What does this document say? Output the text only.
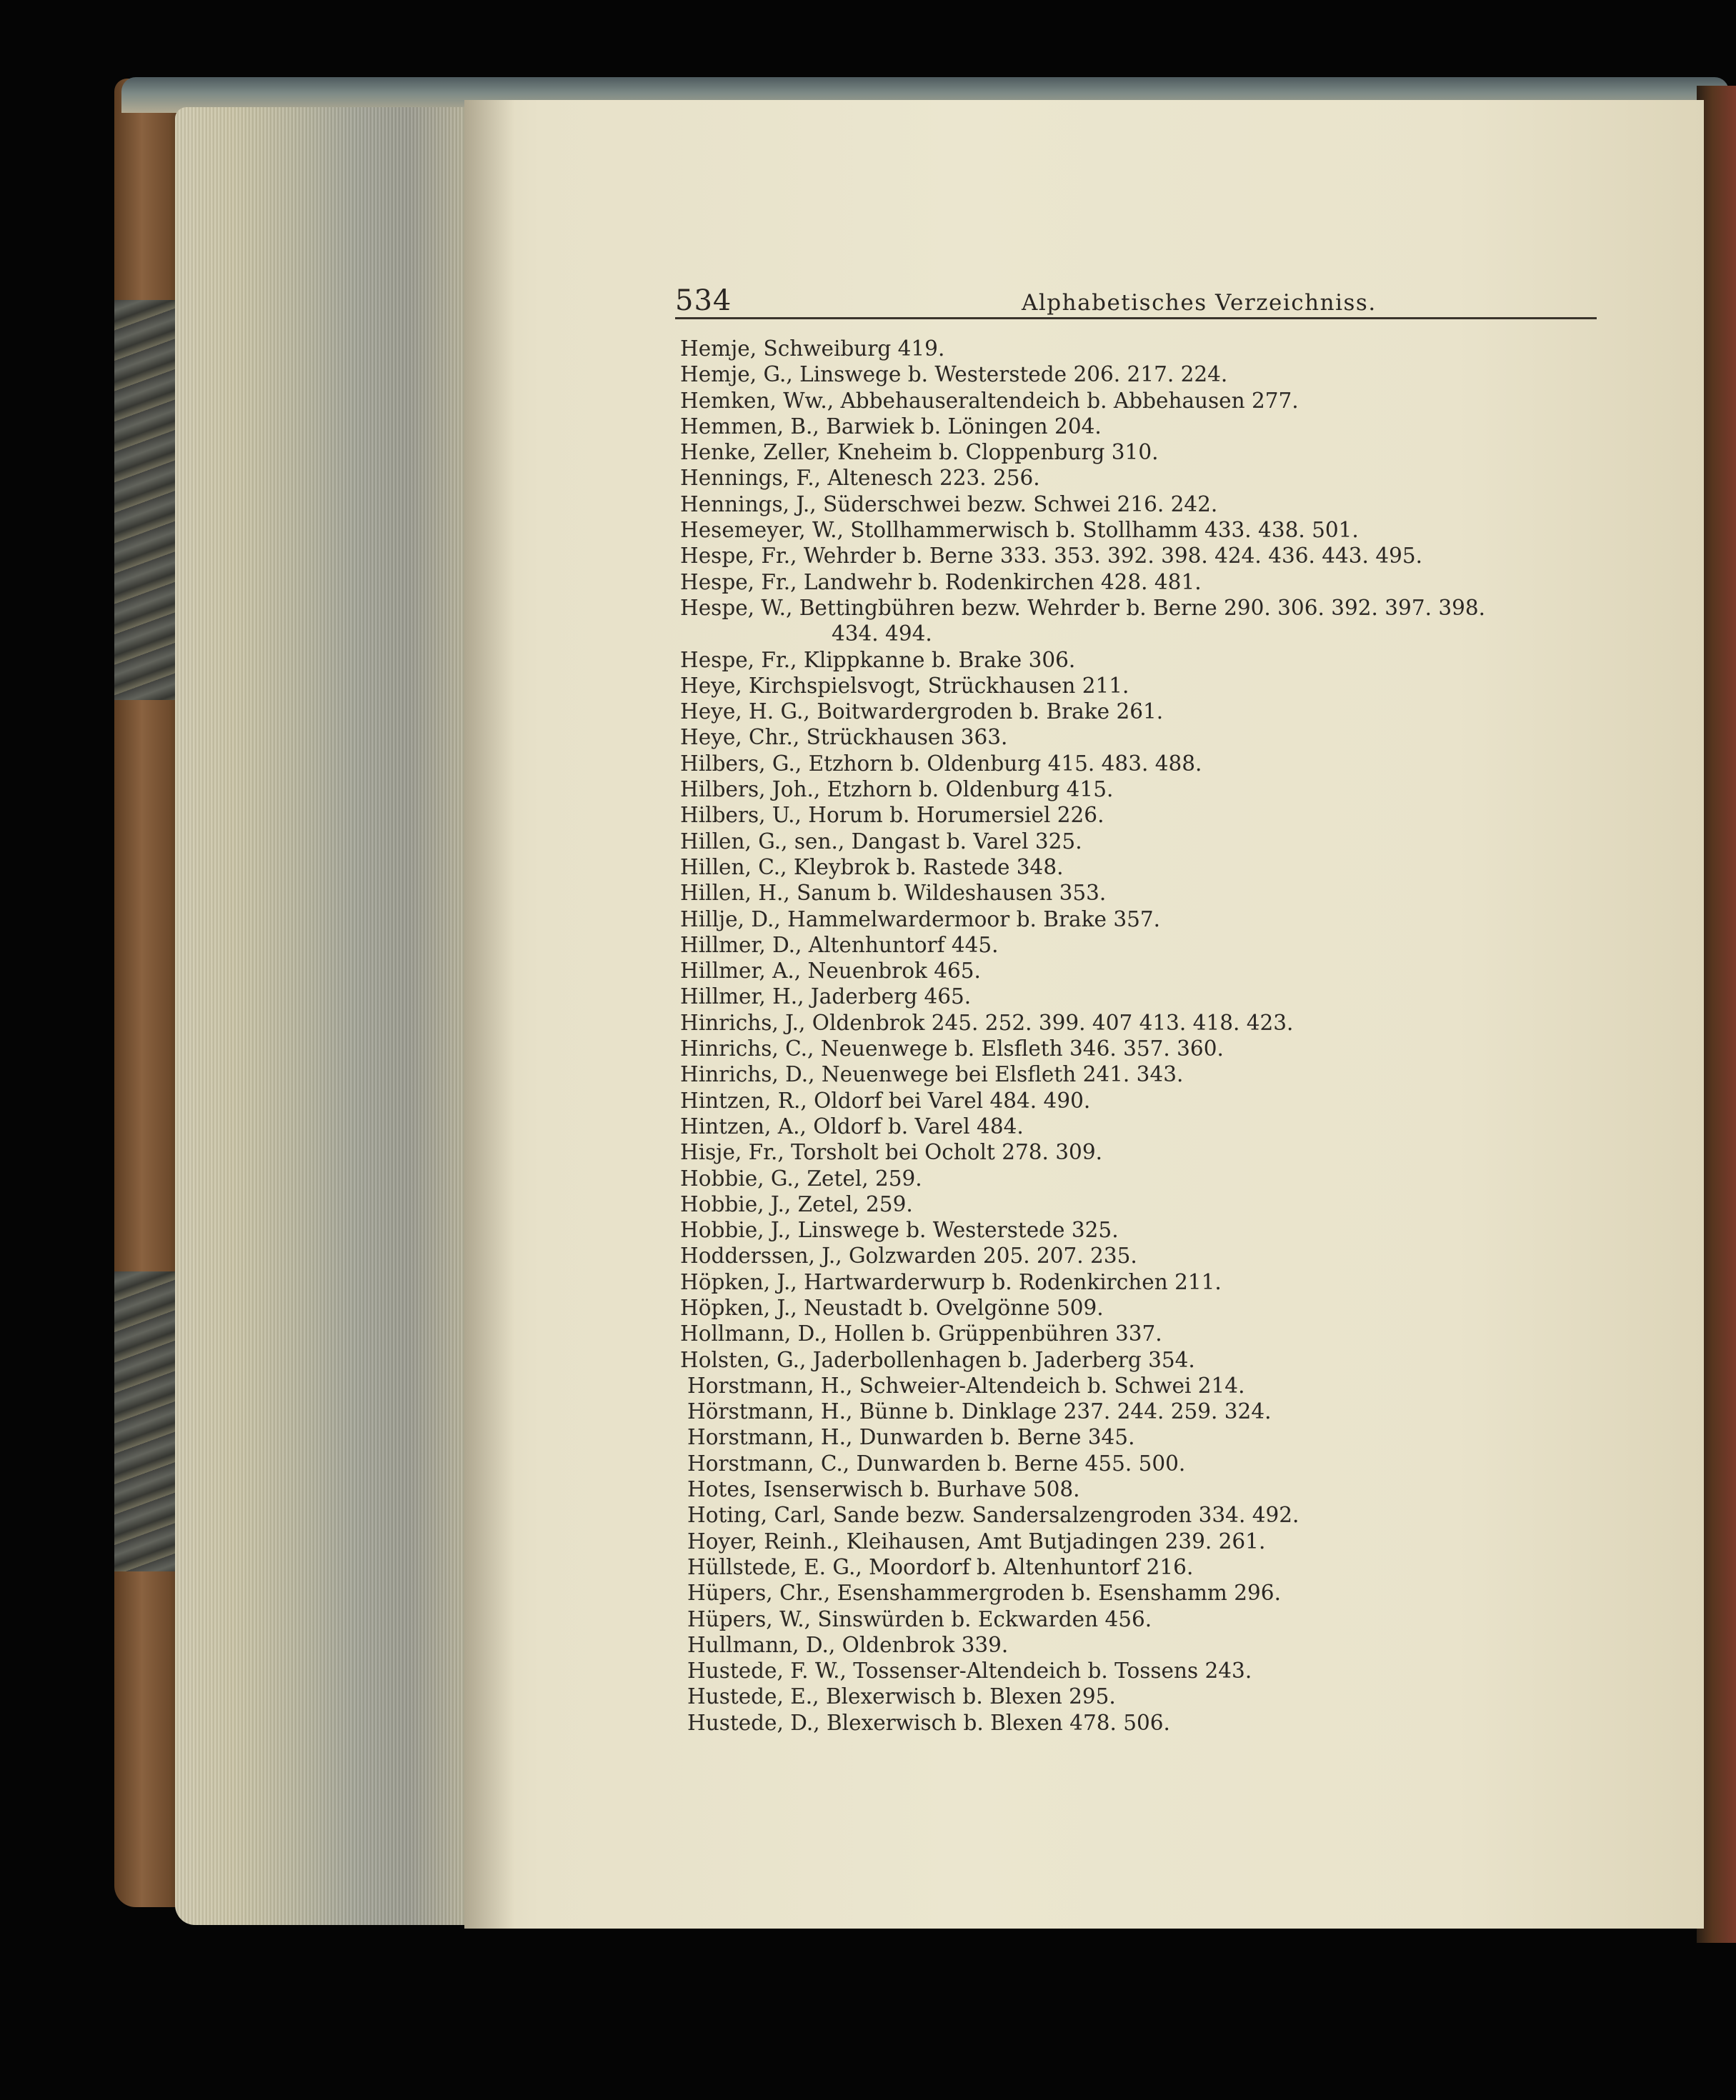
534	Alphabetisches Verzeichniss.
Hemje, Schweiburg 419.
Hemje, G., Linswege b. Westerstede 206. 217. 224.
Hemken, Ww., Abbehauseraltendeich b. Abbehausen 277.
Hemmen, B., Barwiek b. Löningen 204.
Henke, Zeller, Kneheim b. Cloppenburg 310.
Hennings, F., Altenesch 223. 256.
Hennings, J., Süderschwei bezw. Schwei 216. 242.
Hesemeyer, W., Stollhammerwisch b. Stollhamm 433. 438. 501.
Hespe, Fr., Wehrder b. Berne 333. 353. 392. 398. 424. 436. 443. 495.
Hespe, Fr., Landwehr b. Rodenkirchen 428. 481.
Hespe, W., Bettingbühren bezw. Wehrder b. Berne 290. 306. 392. 397. 398.
434. 494.
Hespe, Fr., Klippkanne b. Brake 306.
Heye, Kirchspielsvogt, Strückhausen 211.
Heye, H. G., Boitwardergroden b. Brake 261.
Heye, Chr., Strückhausen 363.
Hilbers, G., Etzhorn b. Oldenburg 415. 483. 488.
Hilbers, Joh., Etzhorn b. Oldenburg 415.
Hilbers, U., Horum b. Horumersiel 226.
Hillen, G., sen., Dangast b. Varel 325.
Hillen, C., Kleybrok b. Rastede 348.
Hillen, H., Sanum b. Wildeshausen 353.
Hillje, D., Hammelwardermoor b. Brake 357.
Hillmer, D., Altenhuntorf 445.
Hillmer, A., Neuenbrok 465.
Hillmer, H., Jaderberg 465.
Hinrichs, J., Oldenbrok 245. 252. 399. 407 413. 418. 423.
Hinrichs, C., Neuenwege b. Elsfleth 346. 357. 360.
Hinrichs, D., Neuenwege bei Elsfleth 241. 343.
Hintzen, R., Oldorf bei Varel 484. 490.
Hintzen, A., Oldorf b. Varel 484.
Hisje, Fr., Torsholt bei Ocholt 278. 309.
Hobbie, G., Zetel, 259.
Hobbie, J., Zetel, 259.
Hobbie, J., Linswege b. Westerstede 325.
Hodderssen, J., Golzwarden 205. 207. 235.
Höpken, J., Hartwarderwurp b. Rodenkirchen 211.
Höpken, J., Neustadt b. Ovelgönne 509.
Hollmann, D., Hollen b. Grüppenbühren 337.
Holsten, G., Jaderbollenhagen b. Jaderberg 354.
Horstmann, H., Schweier-Altendeich b. Schwei 214.
Hörstmann, H., Bünne b. Dinklage 237. 244. 259. 324.
Horstmann, H., Dunwarden b. Berne 345.
Horstmann, C., Dunwarden b. Berne 455. 500.
Hotes, Isenserwisch b. Burhave 508.
Hoting, Carl, Sande bezw. Sandersalzengroden 334. 492.
Hoyer, Reinh., Kleihausen, Amt Butjadingen 239. 261.
Hüllstede, E. G., Moordorf b. Altenhuntorf 216.
Hüpers, Chr., Esenshammergroden b. Esenshamm 296.
Hüpers, W., Sinswürden b. Eckwarden 456.
Hullmann, D., Oldenbrok 339.
Hustede, F. W., Tossenser-Altendeich b. Tossens 243.
Hustede, E., Blexerwisch b. Blexen 295.
Hustede, D., Blexerwisch b. Blexen 478. 506.
